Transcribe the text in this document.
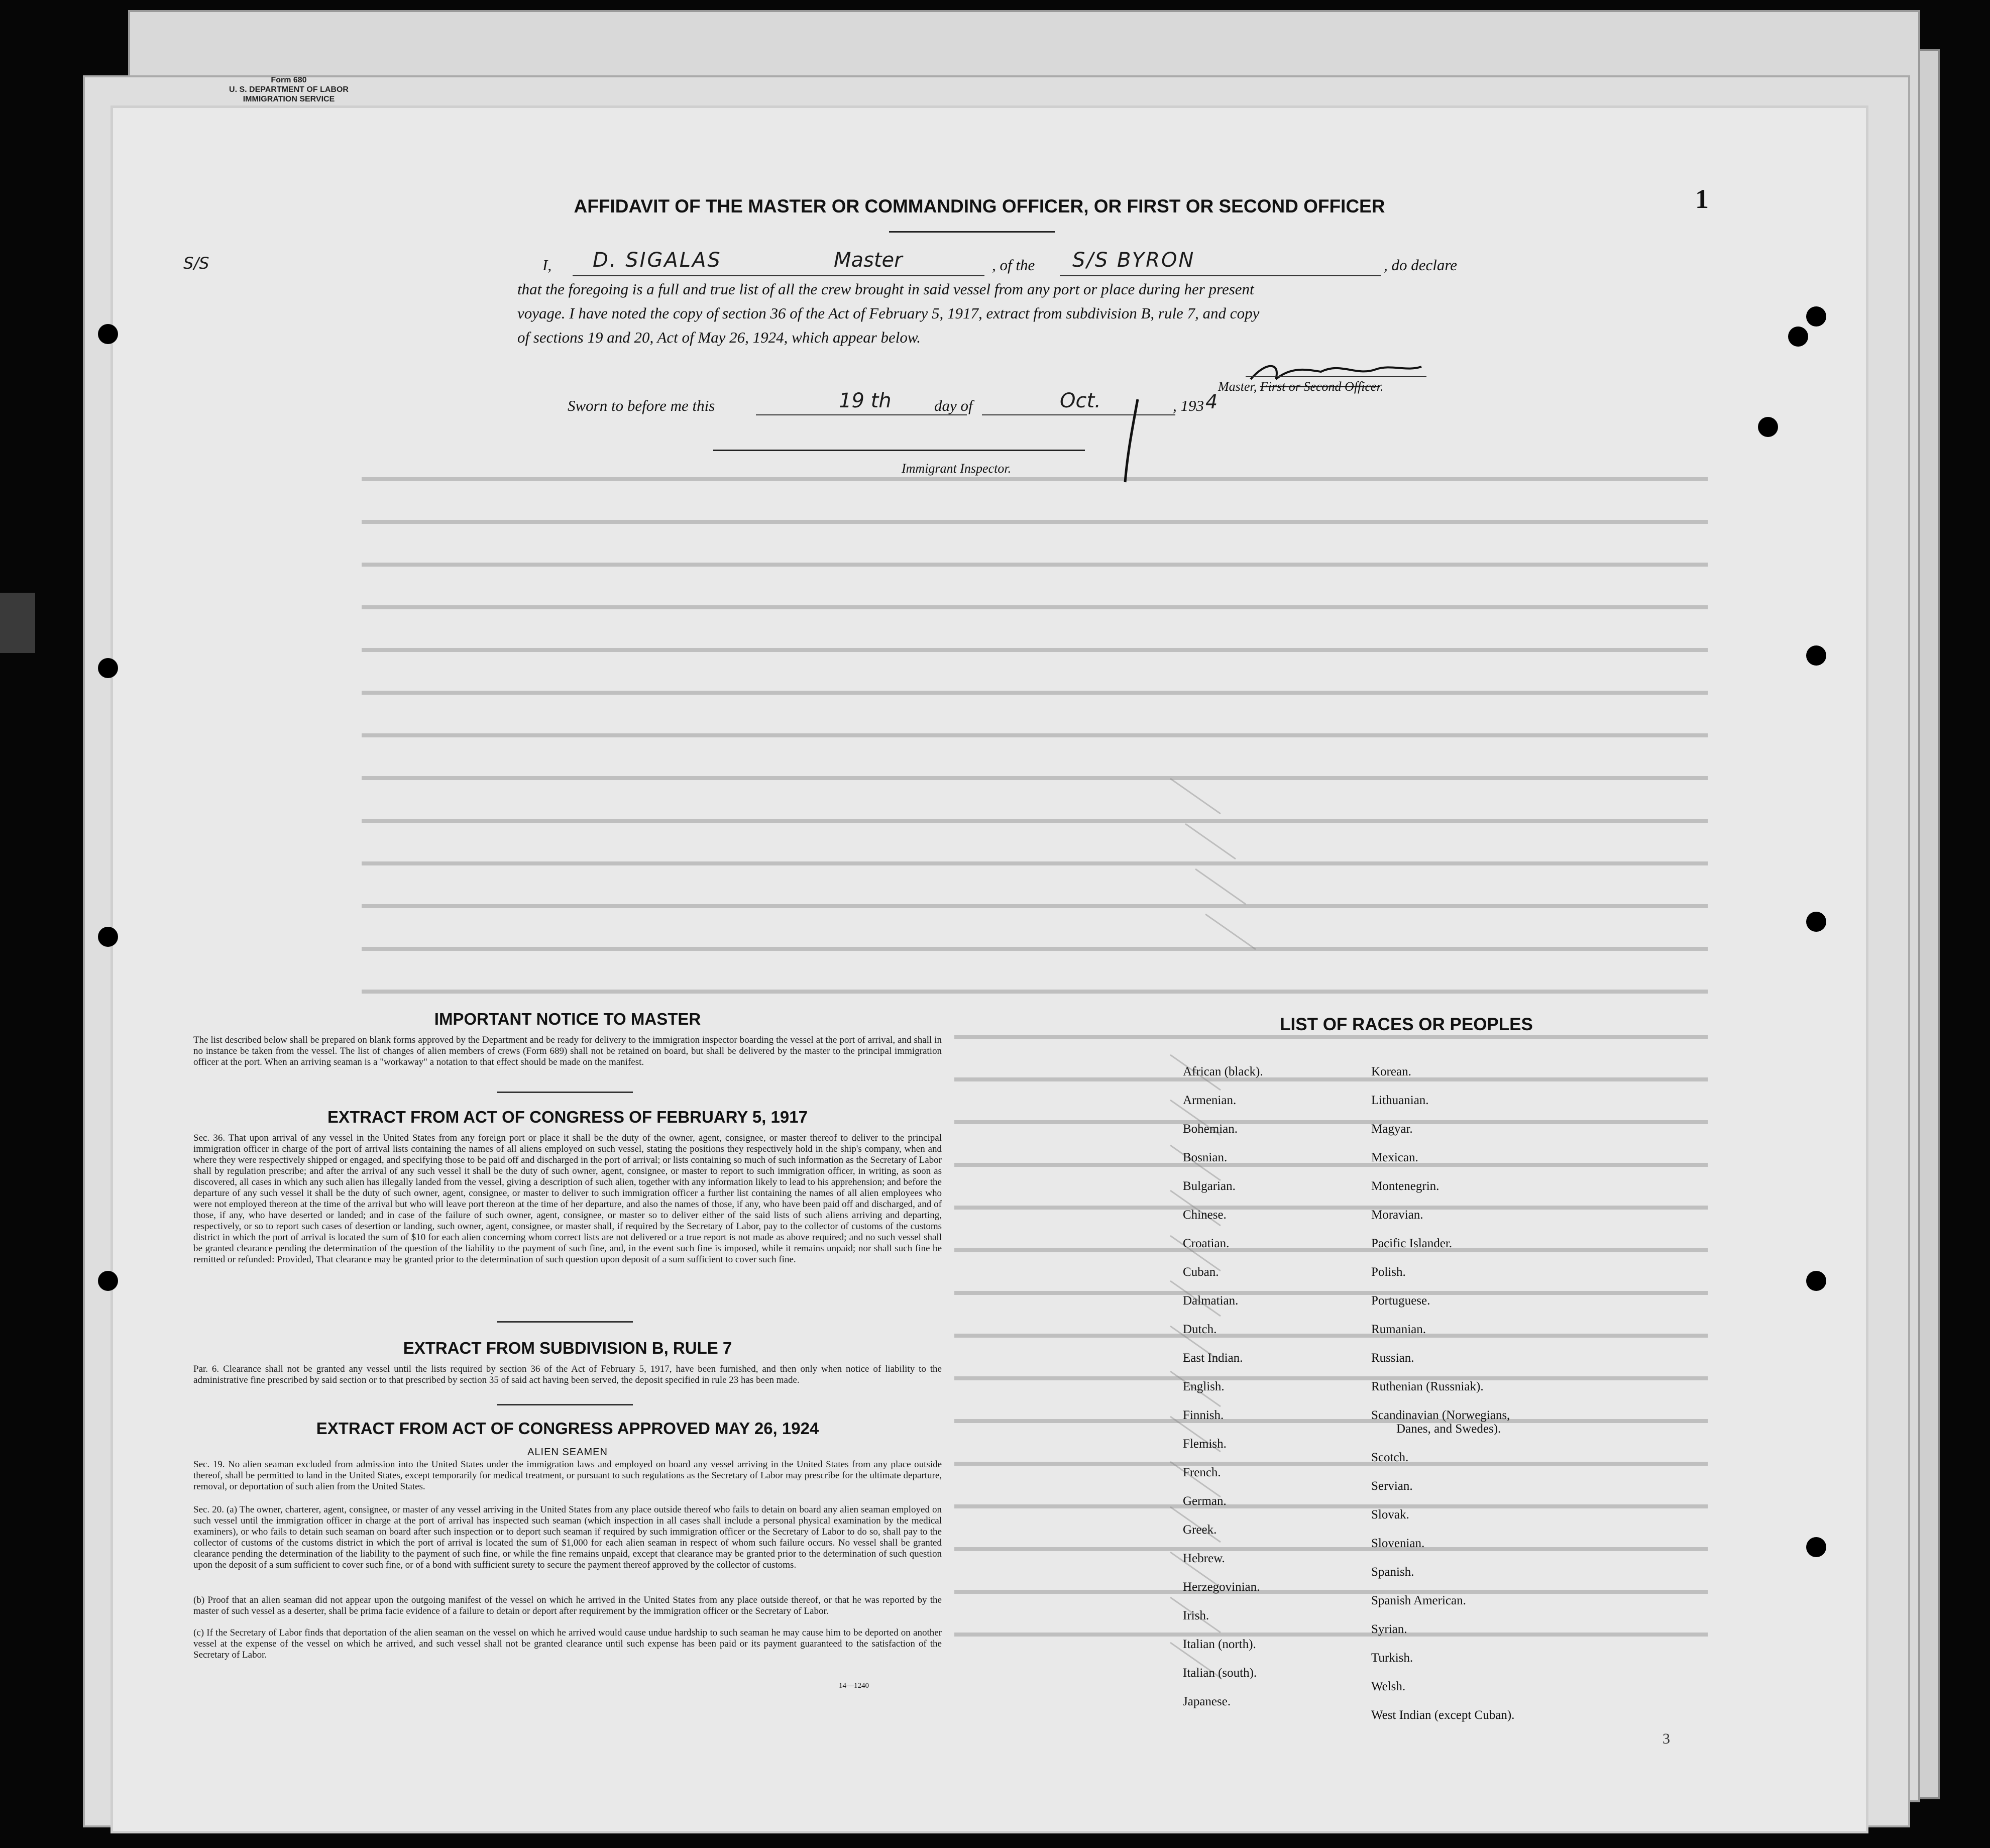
Form 680
U. S. DEPARTMENT OF LABOR
IMMIGRATION SERVICE
1
AFFIDAVIT OF THE MASTER OR COMMANDING OFFICER, OR FIRST OR SECOND OFFICER
S/S	I, D. SIGALAS	Master	, of the S/S BYRON	, do declare
that the foregoing is a full and true list of all the crew brought in said vessel from any port or place during her present
voyage. I have noted the copy of section 36 of the Act of February 5, 1917, extract from subdivision B, rule 7, and copy
of sections 19 and 20, Act of May 26, 1924, which appear below.
Master, First or Second Officer.
Sworn to before me this	19 th	day of	Oct.	, 193 4
Immigrant Inspector.
IMPORTANT NOTICE TO MASTER
The list described below shall be prepared on blank forms approved by the Department and be ready for delivery to the immigration inspector boarding the vessel at the port of arrival, and shall in no instance be taken from the vessel. The list of changes of alien members of crews (Form 689) shall not be retained on board, but shall be delivered by the master to the principal immigration officer at the port. When an arriving seaman is a "workaway" a notation to that effect should be made on the manifest.
EXTRACT FROM ACT OF CONGRESS OF FEBRUARY 5, 1917
Sec. 36. That upon arrival of any vessel in the United States from any foreign port or place it shall be the duty of the owner, agent, consignee, or master thereof to deliver to the principal immigration officer in charge of the port of arrival lists containing the names of all aliens employed on such vessel, stating the positions they respectively hold in the ship's company, when and where they were respectively shipped or engaged, and specifying those to be paid off and discharged in the port of arrival; or lists containing so much of such information as the Secretary of Labor shall by regulation prescribe; and after the arrival of any such vessel it shall be the duty of such owner, agent, consignee, or master to report to such immigration officer, in writing, as soon as discovered, all cases in which any such alien has illegally landed from the vessel, giving a description of such alien, together with any information likely to lead to his apprehension; and before the departure of any such vessel it shall be the duty of such owner, agent, consignee, or master to deliver to such immigration officer a further list containing the names of all alien employees who were not employed thereon at the time of the arrival but who will leave port thereon at the time of her departure, and also the names of those, if any, who have been paid off and discharged, and of those, if any, who have deserted or landed; and in case of the failure of such owner, agent, consignee, or master so to deliver either of the said lists of such aliens arriving and departing, respectively, or so to report such cases of desertion or landing, such owner, agent, consignee, or master shall, if required by the Secretary of Labor, pay to the collector of customs of the customs district in which the port of arrival is located the sum of $10 for each alien concerning whom correct lists are not delivered or a true report is not made as above required; and no such vessel shall be granted clearance pending the determination of the question of the liability to the payment of such fine, and, in the event such fine is imposed, while it remains unpaid; nor shall such fine be remitted or refunded: Provided, That clearance may be granted prior to the determination of such question upon deposit of a sum sufficient to cover such fine.
EXTRACT FROM SUBDIVISION B, RULE 7
Par. 6. Clearance shall not be granted any vessel until the lists required by section 36 of the Act of February 5, 1917, have been furnished, and then only when notice of liability to the administrative fine prescribed by said section or to that prescribed by section 35 of said act having been served, the deposit specified in rule 23 has been made.
EXTRACT FROM ACT OF CONGRESS APPROVED MAY 26, 1924
ALIEN SEAMEN
Sec. 19. No alien seaman excluded from admission into the United States under the immigration laws and employed on board any vessel arriving in the United States from any place outside thereof, shall be permitted to land in the United States, except temporarily for medical treatment, or pursuant to such regulations as the Secretary of Labor may prescribe for the ultimate departure, removal, or deportation of such alien from the United States.
Sec. 20. (a) The owner, charterer, agent, consignee, or master of any vessel arriving in the United States from any place outside thereof who fails to detain on board any alien seaman employed on such vessel until the immigration officer in charge at the port of arrival has inspected such seaman (which inspection in all cases shall include a personal physical examination by the medical examiners), or who fails to detain such seaman on board after such inspection or to deport such seaman if required by such immigration officer or the Secretary of Labor to do so, shall pay to the collector of customs of the customs district in which the port of arrival is located the sum of $1,000 for each alien seaman in respect of whom such failure occurs. No vessel shall be granted clearance pending the determination of the liability to the payment of such fine, or while the fine remains unpaid, except that clearance may be granted prior to the determination of such question upon the deposit of a sum sufficient to cover such fine, or of a bond with sufficient surety to secure the payment thereof approved by the collector of customs.
(b) Proof that an alien seaman did not appear upon the outgoing manifest of the vessel on which he arrived in the United States from any place outside thereof, or that he was reported by the master of such vessel as a deserter, shall be prima facie evidence of a failure to detain or deport after requirement by the immigration officer or the Secretary of Labor.
(c) If the Secretary of Labor finds that deportation of the alien seaman on the vessel on which he arrived would cause undue hardship to such seaman he may cause him to be deported on another vessel at the expense of the vessel on which he arrived, and such vessel shall not be granted clearance until such expense has been paid or its payment guaranteed to the satisfaction of the Secretary of Labor.
14—1240
LIST OF RACES OR PEOPLES
African (black).
Armenian.
Bohemian.
Bosnian.
Bulgarian.
Chinese.
Croatian.
Cuban.
Dalmatian.
Dutch.
East Indian.
English.
Finnish.
Flemish.
French.
German.
Greek.
Hebrew.
Herzegovinian.
Irish.
Italian (north).
Italian (south).
Japanese.
Korean.
Lithuanian.
Magyar.
Mexican.
Montenegrin.
Moravian.
Pacific Islander.
Polish.
Portuguese.
Rumanian.
Russian.
Ruthenian (Russniak).
Scandinavian (Norwegians,
Danes, and Swedes).
Scotch.
Servian.
Slovak.
Slovenian.
Spanish.
Spanish American.
Syrian.
Turkish.
Welsh.
West Indian (except Cuban).
3
